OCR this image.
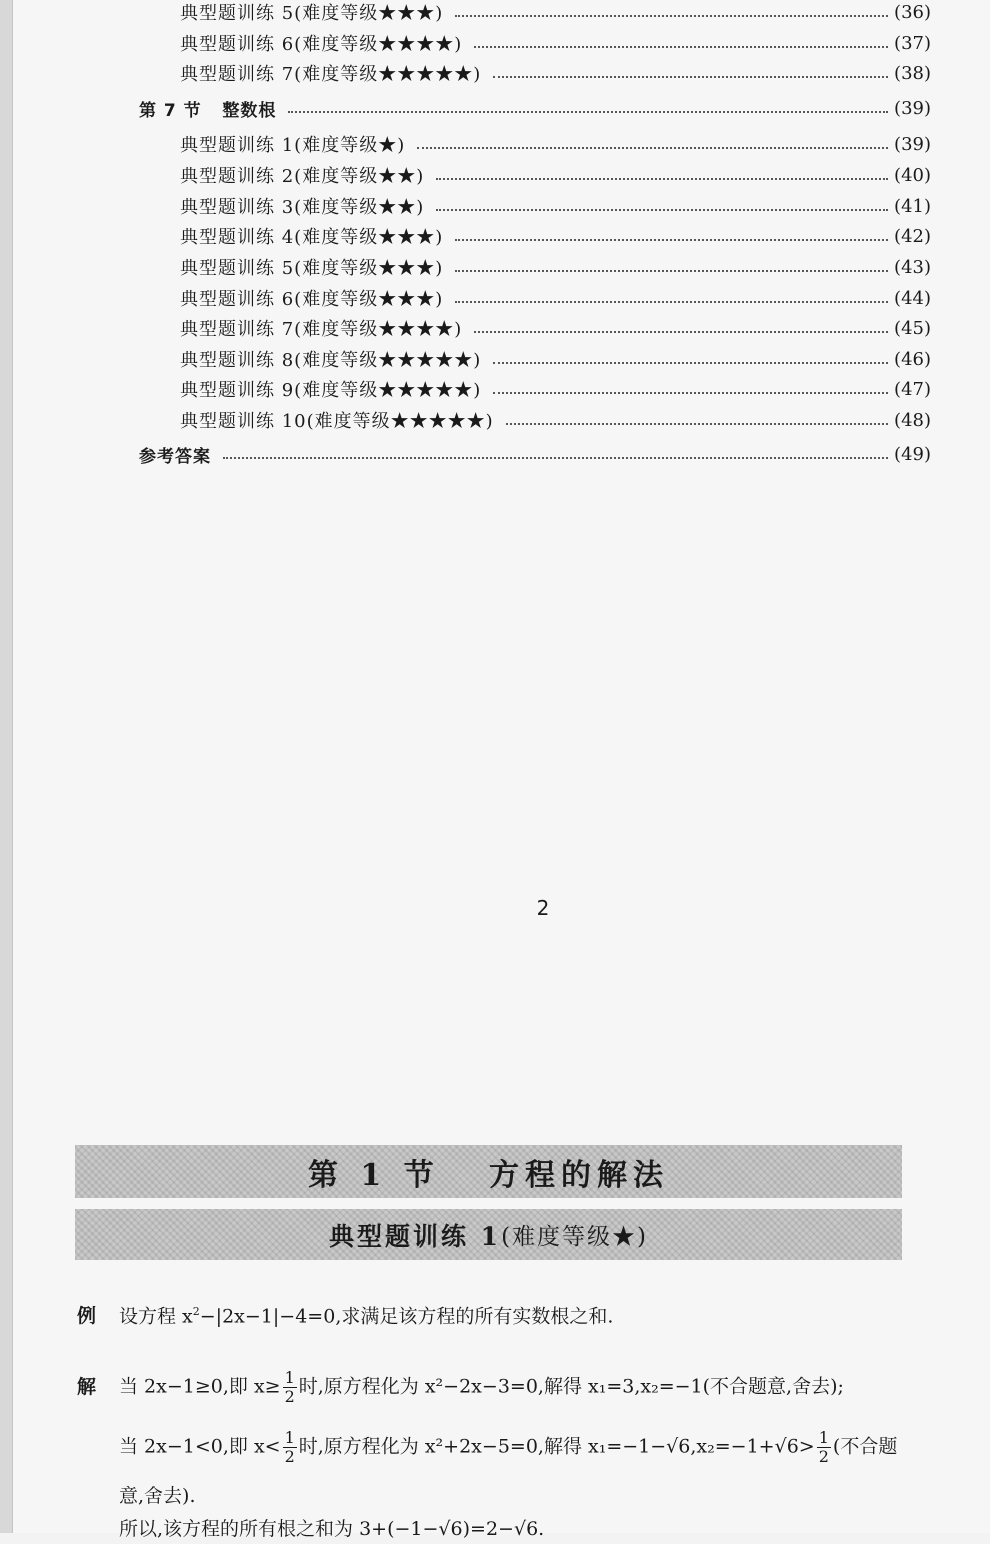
典型题训练 5(难度等级★★★)	(36)
典型题训练 6(难度等级★★★★)	(37)
典型题训练 7(难度等级★★★★★)	(38)
第 7 节   整数根	(39)
典型题训练 1(难度等级★)	(39)
典型题训练 2(难度等级★★)	(40)
典型题训练 3(难度等级★★)	(41)
典型题训练 4(难度等级★★★)	(42)
典型题训练 5(难度等级★★★)	(43)
典型题训练 6(难度等级★★★)	(44)
典型题训练 7(难度等级★★★★)	(45)
典型题训练 8(难度等级★★★★★)	(46)
典型题训练 9(难度等级★★★★★)	(47)
典型题训练 10(难度等级★★★★★)	(48)
参考答案	(49)
2
第 1 节   方程的解法
典型题训练 1 (难度等级★)
例 设方程 $x^2-|2x-1|-4=0$,求满足该方程的所有实数根之和.
解 当 2x−1≥0,即 $x\ge \frac{1}{2}$ 时,原方程化为 x²−2x−3=0,解得 x₁=3,x₂=−1(不合题意,舍去);
当 2x−1<0,即 $x< \frac{1}{2}$ 时,原方程化为 x²+2x−5=0,解得 $x_1=-1-√6,x_2=-1+√6> \frac{1}{2}$ (不合题
意,舍去).
所以,该方程的所有根之和为 3+(−1−√6)=2−√6.
